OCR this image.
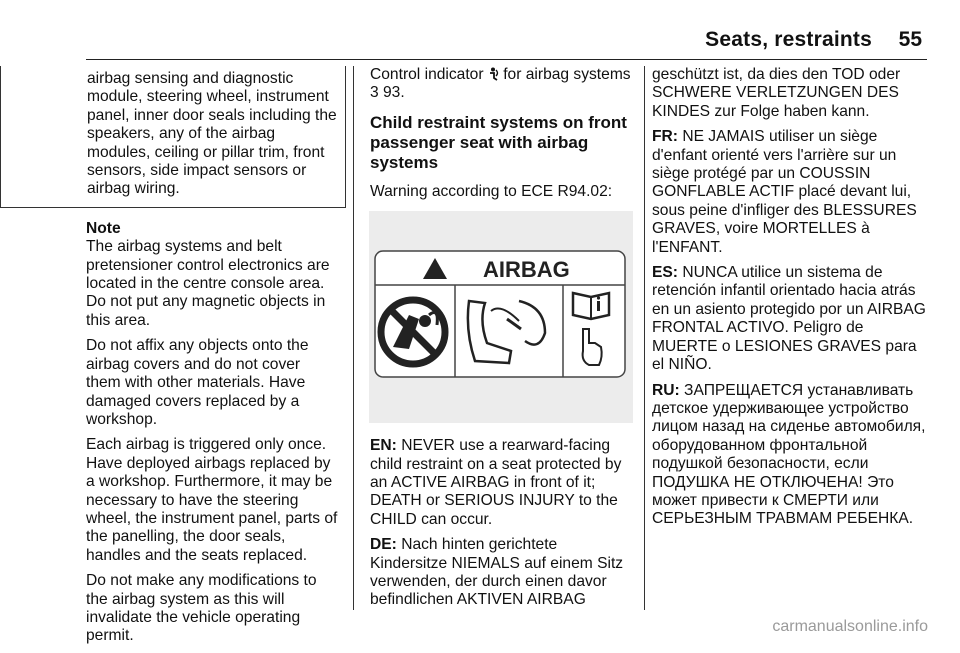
Seats, restraints 55

airbag sensing and diagnostic module, steering wheel, instrument panel, inner door seals including the speakers, any of the airbag modules, ceiling or pillar trim, front sensors, side impact sensors or airbag wiring.

Note

The airbag systems and belt pretensioner control electronics are located in the centre console area. Do not put any magnetic objects in this area.

Do not affix any objects onto the airbag covers and do not cover them with other materials. Have damaged covers replaced by a workshop.

Each airbag is triggered only once. Have deployed airbags replaced by a workshop. Furthermore, it may be necessary to have the steering wheel, the instrument panel, parts of the panelling, the door seals, handles and the seats replaced.

Do not make any modifications to the airbag system as this will invalidate the vehicle operating permit.

Control indicator  for airbag systems
3 93.

Child restraint systems on front passenger seat with airbag systems

Warning according to ECE R94.02:

AIRBAG

EN: NEVER use a rearward-facing child restraint on a seat protected by an ACTIVE AIRBAG in front of it; DEATH or SERIOUS INJURY to the CHILD can occur.

DE: Nach hinten gerichtete Kindersitze NIEMALS auf einem Sitz verwenden, der durch einen davor befindlichen AKTIVEN AIRBAG

geschützt ist, da dies den TOD oder SCHWERE VERLETZUNGEN DES KINDES zur Folge haben kann.

FR: NE JAMAIS utiliser un siège d'enfant orienté vers l'arrière sur un siège protégé par un COUSSIN GONFLABLE ACTIF placé devant lui, sous peine d'infliger des BLESSURES GRAVES, voire MORTELLES à l'ENFANT.

ES: NUNCA utilice un sistema de retención infantil orientado hacia atrás en un asiento protegido por un AIRBAG FRONTAL ACTIVO. Peligro de MUERTE o LESIONES GRAVES para el NIÑO.

RU: ЗАПРЕЩАЕТСЯ устанавливать детское удерживающее устройство лицом назад на сиденье автомобиля, оборудованном фронтальной подушкой безопасности, если ПОДУШКА НЕ ОТКЛЮЧЕНА! Это может привести к СМЕРТИ или СЕРЬЕЗНЫМ ТРАВМАМ РЕБЕНКА.

carmanualsonline.info
